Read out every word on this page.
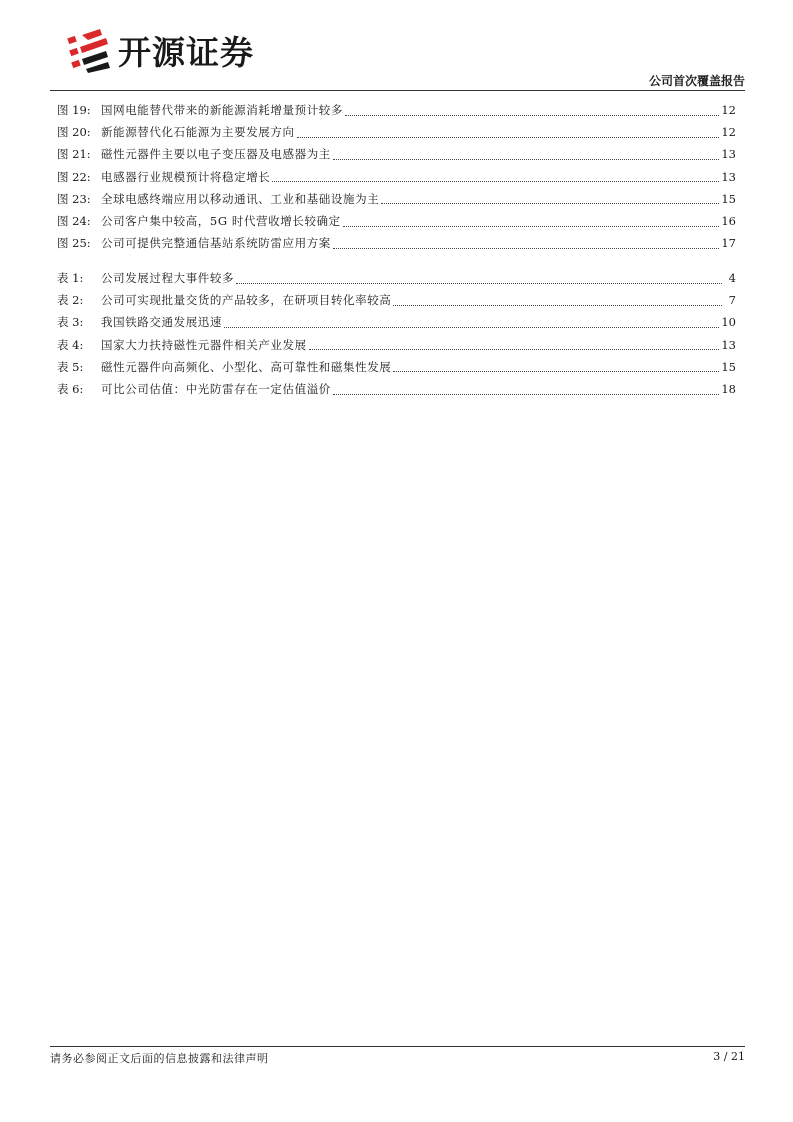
开源证券
公司首次覆盖报告
图 19: 国网电能替代带来的新能源消耗增量预计较多	12
图 20: 新能源替代化石能源为主要发展方向	12
图 21: 磁性元器件主要以电子变压器及电感器为主	13
图 22: 电感器行业规模预计将稳定增长	13
图 23: 全球电感终端应用以移动通讯、工业和基础设施为主	15
图 24: 公司客户集中较高，5G 时代营收增长较确定	16
图 25: 公司可提供完整通信基站系统防雷应用方案	17
表 1:	公司发展过程大事件较多	4
表 2:	公司可实现批量交货的产品较多，在研项目转化率较高	7
表 3:	我国铁路交通发展迅速	10
表 4:	国家大力扶持磁性元器件相关产业发展	13
表 5:	磁性元器件向高频化、小型化、高可靠性和磁集性发展	15
表 6:	可比公司估值：中光防雷存在一定估值溢价	18
请务必参阅正文后面的信息披露和法律声明	3 / 21
